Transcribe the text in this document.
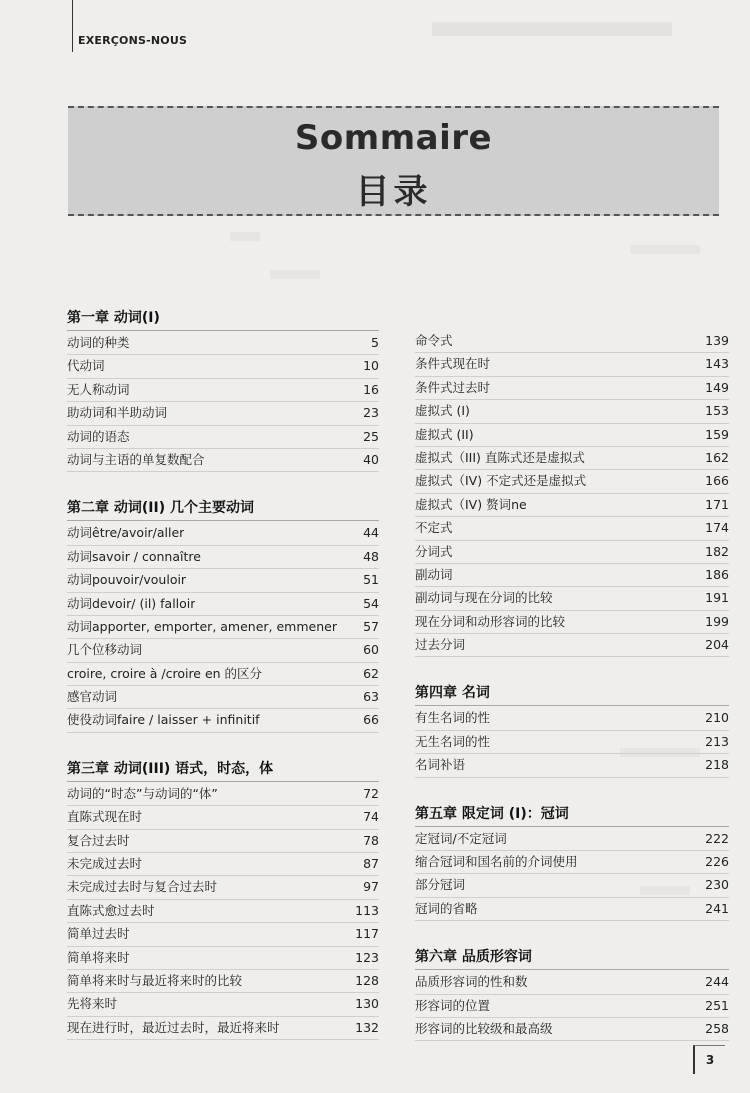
EXERÇONS-NOUS
Sommaire
目录
第一章 动词(I)
动词的种类	5
代动词	10
无人称动词	16
助动词和半助动词	23
动词的语态	25
动词与主语的单复数配合	40
第二章 动词(II) 几个主要动词
动词être/avoir/aller	44
动词savoir / connaître	48
动词pouvoir/vouloir	51
动词devoir/ (il) falloir	54
动词apporter, emporter, amener, emmener	57
几个位移动词	60
croire, croire à /croire en 的区分	62
感官动词	63
使役动词faire / laisser + infinitif	66
第三章 动词(III) 语式，时态，体
动词的“时态”与动词的“体”	72
直陈式现在时	74
复合过去时	78
未完成过去时	87
未完成过去时与复合过去时	97
直陈式愈过去时	113
简单过去时	117
简单将来时	123
简单将来时与最近将来时的比较	128
先将来时	130
现在进行时，最近过去时，最近将来时	132
命令式	139
条件式现在时	143
条件式过去时	149
虚拟式 (I)	153
虚拟式 (II)	159
虚拟式（III) 直陈式还是虚拟式	162
虚拟式（IV) 不定式还是虚拟式	166
虚拟式（IV) 赘词ne	171
不定式	174
分词式	182
副动词	186
副动词与现在分词的比较	191
现在分词和动形容词的比较	199
过去分词	204
第四章 名词
有生名词的性	210
无生名词的性	213
名词补语	218
第五章 限定词 (I)：冠词
定冠词/不定冠词	222
缩合冠词和国名前的介词使用	226
部分冠词	230
冠词的省略	241
第六章 品质形容词
品质形容词的性和数	244
形容词的位置	251
形容词的比较级和最高级	258
3
